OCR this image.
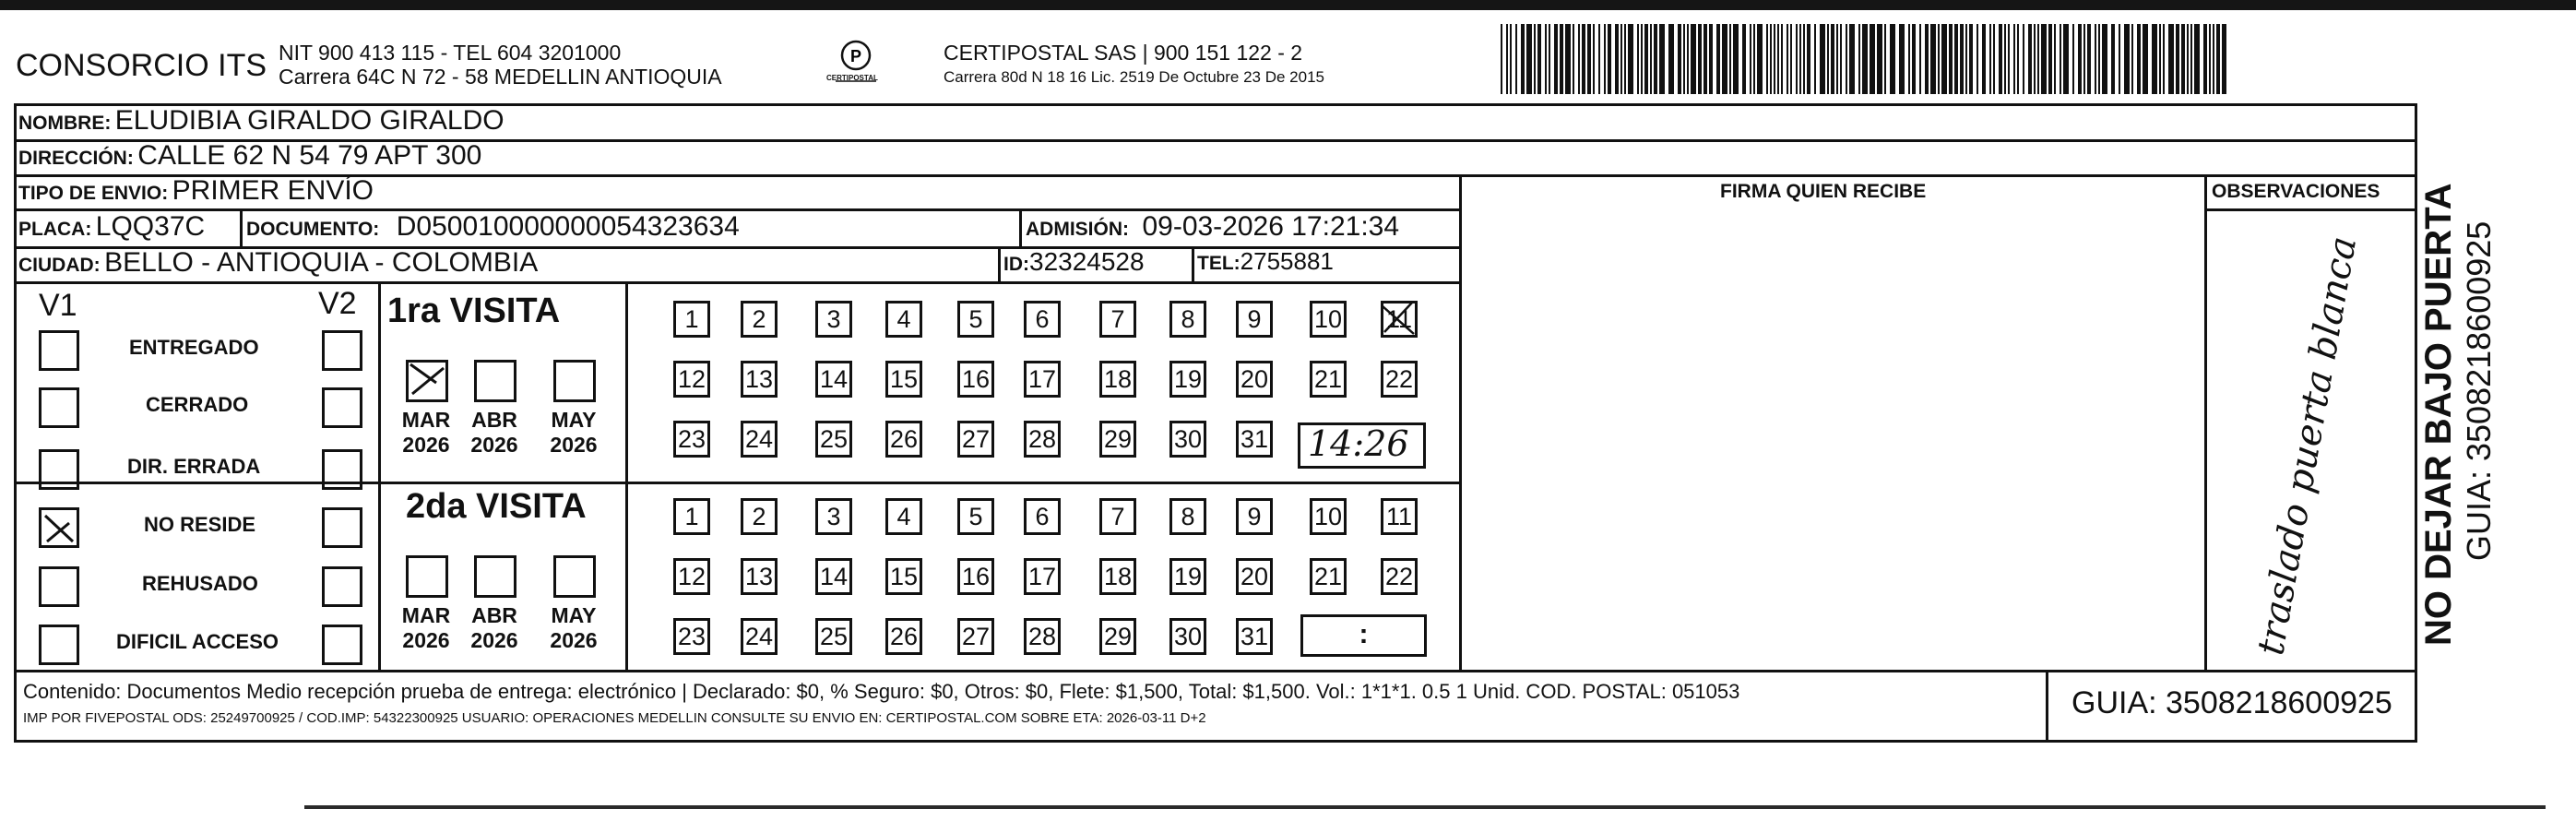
CONSORCIO ITS NIT 900 413 115 - TEL 604 3201000
Carrera 64C N 72 - 58 MEDELLIN ANTIOQUIA
P
CERTIPOSTAL
CERTIPOSTAL SAS | 900 151 122 - 2
Carrera 80d N 18 16 Lic. 2519 De Octubre 23 De 2015
NOMBRE: ELUDIBIA GIRALDO GIRALDO
DIRECCIÓN: CALLE 62 N 54 79 APT 300
TIPO DE ENVIO: PRIMER ENVÍO
PLACA: LQQ37C DOCUMENTO: D050010000000054323634	ADMISIÓN: 09-03-2026 17:21:34
CIUDAD: BELLO - ANTIOQUIA - COLOMBIA	ID:32324528	TEL:2755881
FIRMA QUIEN RECIBE	OBSERVACIONES
traslado puerta blanca NO DEJAR BAJO PUERTA GUIA: 3508218600925
V1	V2
ENTREGADO
CERRADO
DIR. ERRADA
NO RESIDE
REHUSADO
DIFICIL ACCESO
1ra VISITA
MAR
2026
ABR
2026
MAY
2026
1	2	3	4	5	6	7	8	9	10 11
12 13 14 15 16 17 18 19 20 21 22
23 24 25 26 27 28 29 30 31 14:26
2da VISITA
MAR
2026
ABR
2026
MAY
2026
1	2	3	4	5	6	7	8	9	10 11
12 13 14 15 16 17 18 19 20 21 22
23 24 25 26 27 28 29 30 31	:
Contenido: Documentos Medio recepción prueba de entrega: electrónico | Declarado: $0, % Seguro: $0, Otros: $0, Flete: $1,500, Total: $1,500. Vol.: 1*1*1. 0.5 1 Unid. COD. POSTAL: 051053
IMP POR FIVEPOSTAL ODS: 25249700925 / COD.IMP: 54322300925 USUARIO: OPERACIONES MEDELLIN CONSULTE SU ENVIO EN: CERTIPOSTAL.COM SOBRE ETA: 2026-03-11 D+2	GUIA: 3508218600925
